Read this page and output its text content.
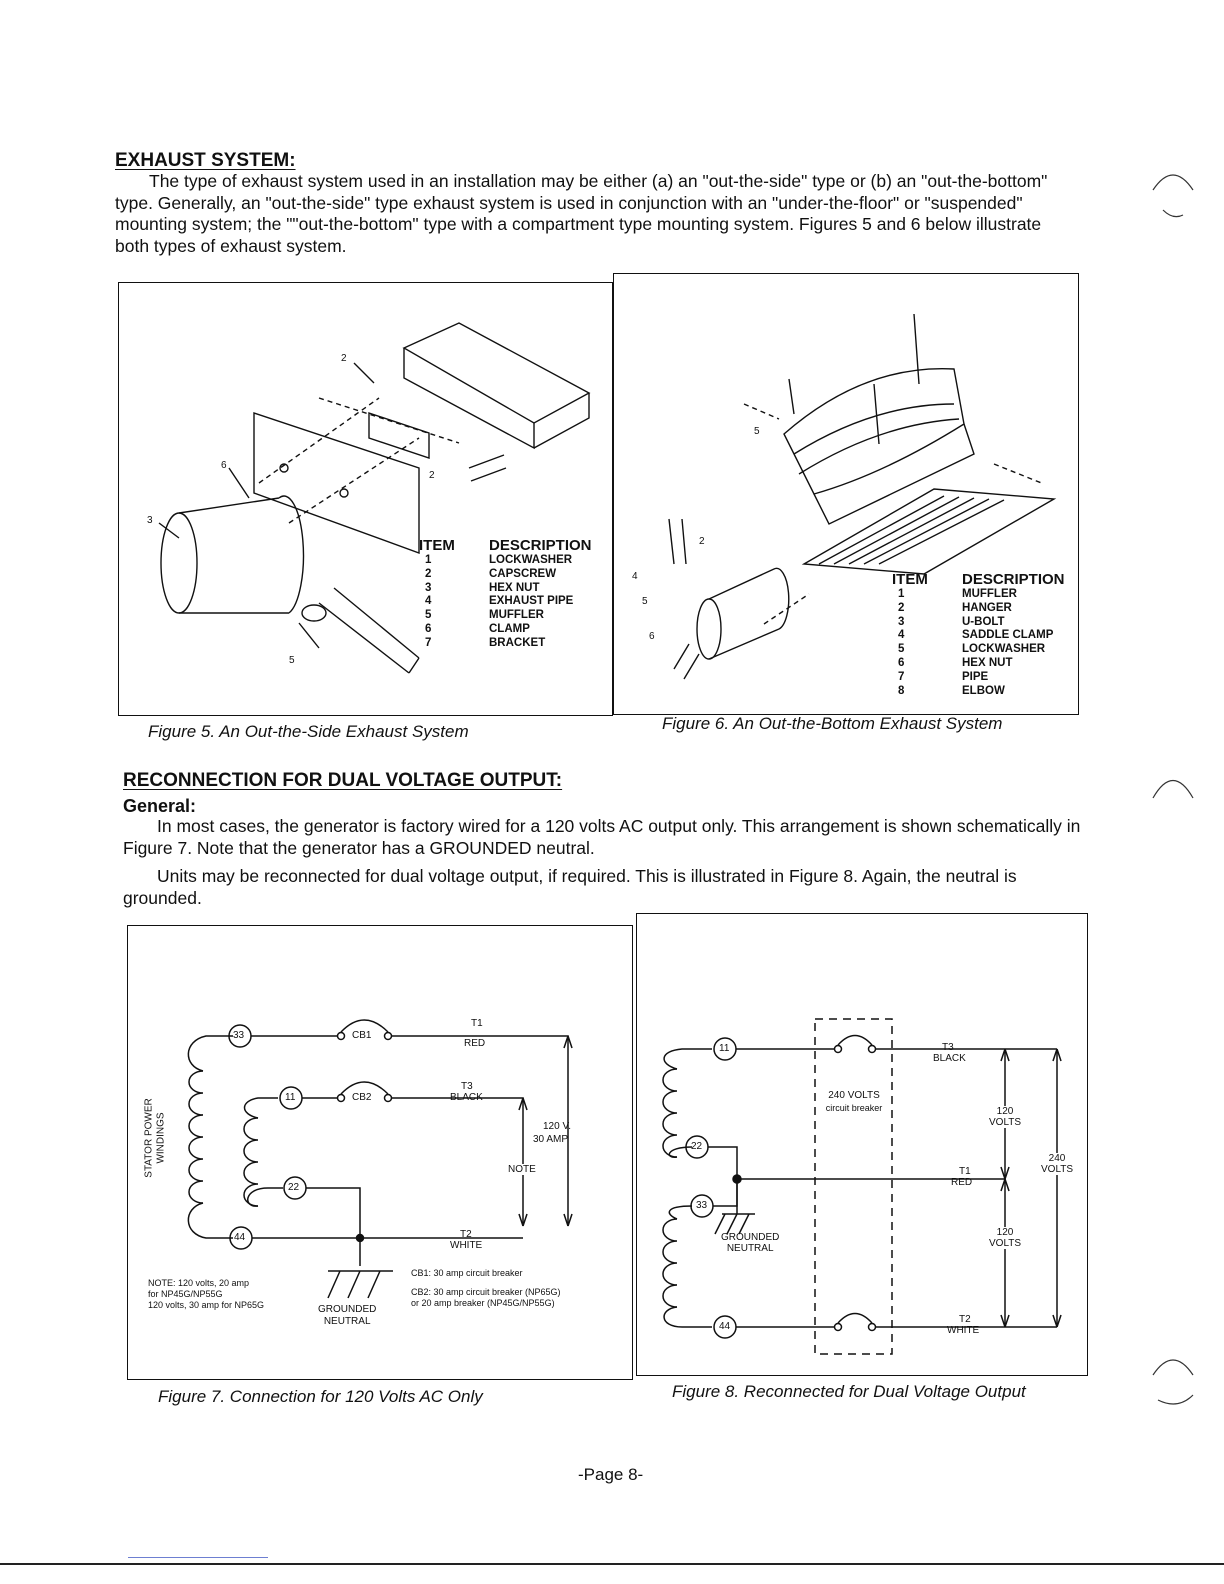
EXHAUST SYSTEM:

The type of exhaust system used in an installation may be either (a) an "out-the-side" type or (b) an "out-the-bottom" type. Generally, an "out-the-side" type exhaust system is used in conjunction with an "under-the-floor" or "suspended" mounting system; the ""out-the-bottom" type with a compartment type mounting system. Figures 5 and 6 below illustrate both types of exhaust system.

2
6
3
5
2
ITEM
1
2
3
4
5
6
7
DESCRIPTION
LOCKWASHER
CAPSCREW
HEX NUT
EXHAUST PIPE
MUFFLER
CLAMP
BRACKET
Figure 5. An Out-the-Side Exhaust System
2
4
5
6
5
ITEM
1
2
3
4
5
6
7
8
DESCRIPTION
MUFFLER
HANGER
U-BOLT
SADDLE CLAMP
LOCKWASHER
HEX NUT
PIPE
ELBOW
Figure 6. An Out-the-Bottom Exhaust System
RECONNECTION FOR DUAL VOLTAGE OUTPUT:
General:

In most cases, the generator is factory wired for a 120 volts AC output only. This arrangement is shown schematically in Figure 7. Note that the generator has a GROUNDED neutral.

Units may be reconnected for dual voltage output, if required. This is illustrated in Figure 8. Again, the neutral is grounded.

33
11
22
44
STATOR POWER WINDINGS
CB1
CB2
T1
RED
T3
BLACK
120 V.
30 AMP
NOTE
T2
WHITE
GROUNDED
NEUTRAL
NOTE: 120 volts, 20 amp
for NP45G/NP55G
120 volts, 30 amp for NP65G
CB1: 30 amp circuit breaker
CB2: 30 amp circuit breaker (NP65G)
or 20 amp breaker (NP45G/NP55G)
Figure 7. Connection for 120 Volts AC Only
11
22
33
44
240 VOLTS
circuit breaker
T3
BLACK
T1
RED
T2
WHITE
120
VOLTS
120
VOLTS
240
VOLTS
GROUNDED
NEUTRAL
Figure 8. Reconnected for Dual Voltage Output
-Page 8-
